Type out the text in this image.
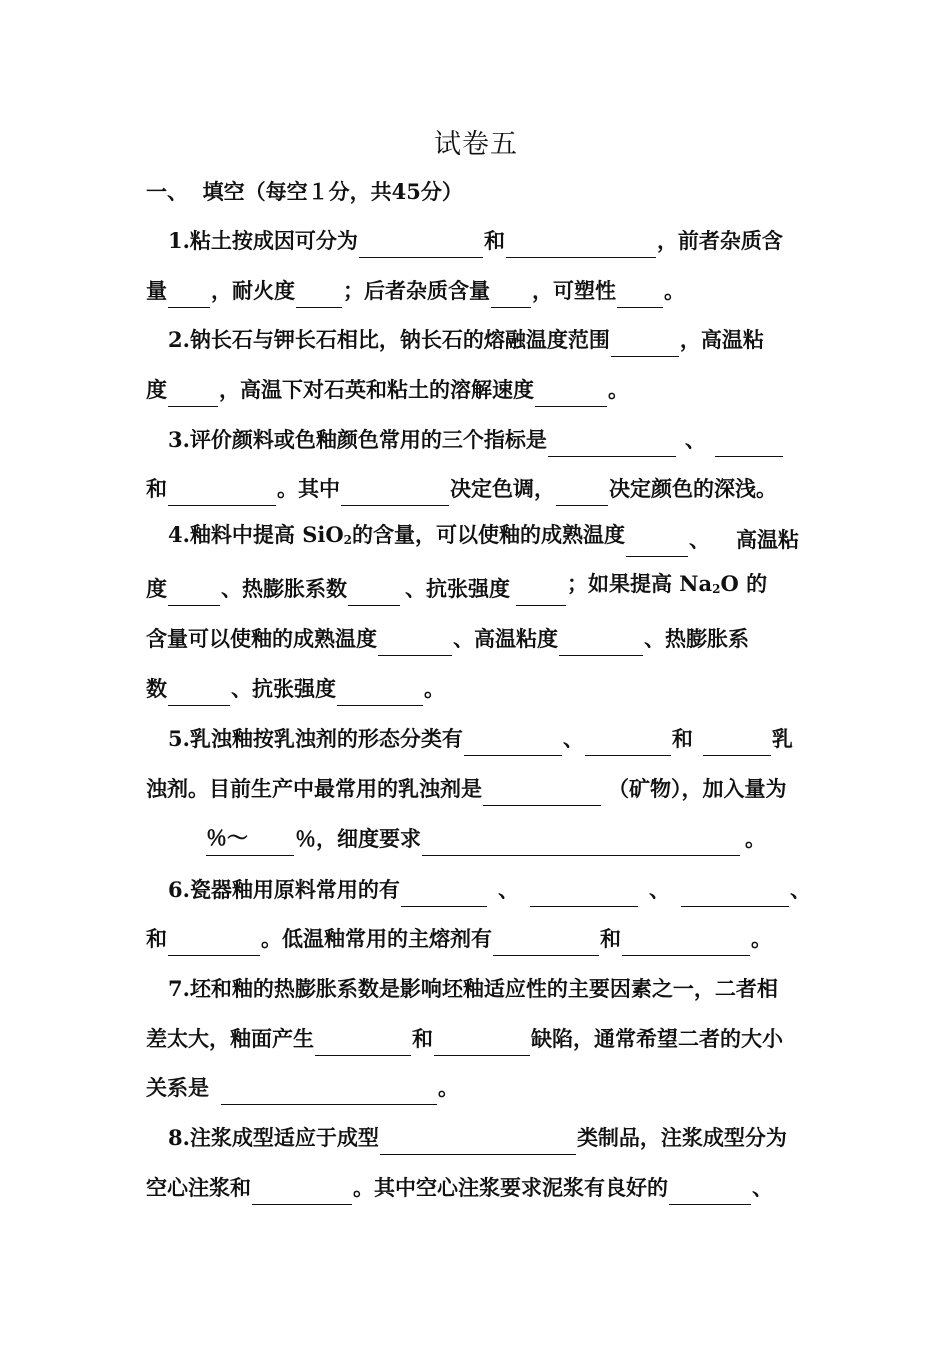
试卷五
一、  填空（每空１分，共45分）
1.粘土按成因可分为	和	，前者杂质含
量 ，耐火度 ；后者杂质含量 ，可塑性 。
2.钠长石与钾长石相比，钠长石的熔融温度范围	，高温粘
度 ，高温下对石英和粘土的溶解速度	。
3.评价颜料或色釉颜色常用的三个指标是	、
和	。其中	决定色调，	决定颜色的深浅。
4.釉料中提高 SiO$_2$的含量，可以使釉的成熟温度	、 高温粘
度	、热膨胀系数	、抗张强度	；如果提高 $Na_2O$ 的
含量可以使釉的成熟温度	、高温粘度	、热膨胀系
数	、抗张强度	。
5.乳浊釉按乳浊剂的形态分类有	、	和	乳
浊剂。目前生产中最常用的乳浊剂是	（矿物），加入量为
％～ ％，细度要求	。
6.瓷器釉用原料常用的有	、	、	、
和	。低温釉常用的主熔剂有	和	。
7.坯和釉的热膨胀系数是影响坯釉适应性的主要因素之一，二者相
差太大，釉面产生	和	缺陷，通常希望二者的大小
关系是	。
8.注浆成型适应于成型	类制品，注浆成型分为
空心注浆和	。其中空心注浆要求泥浆有良好的	、
